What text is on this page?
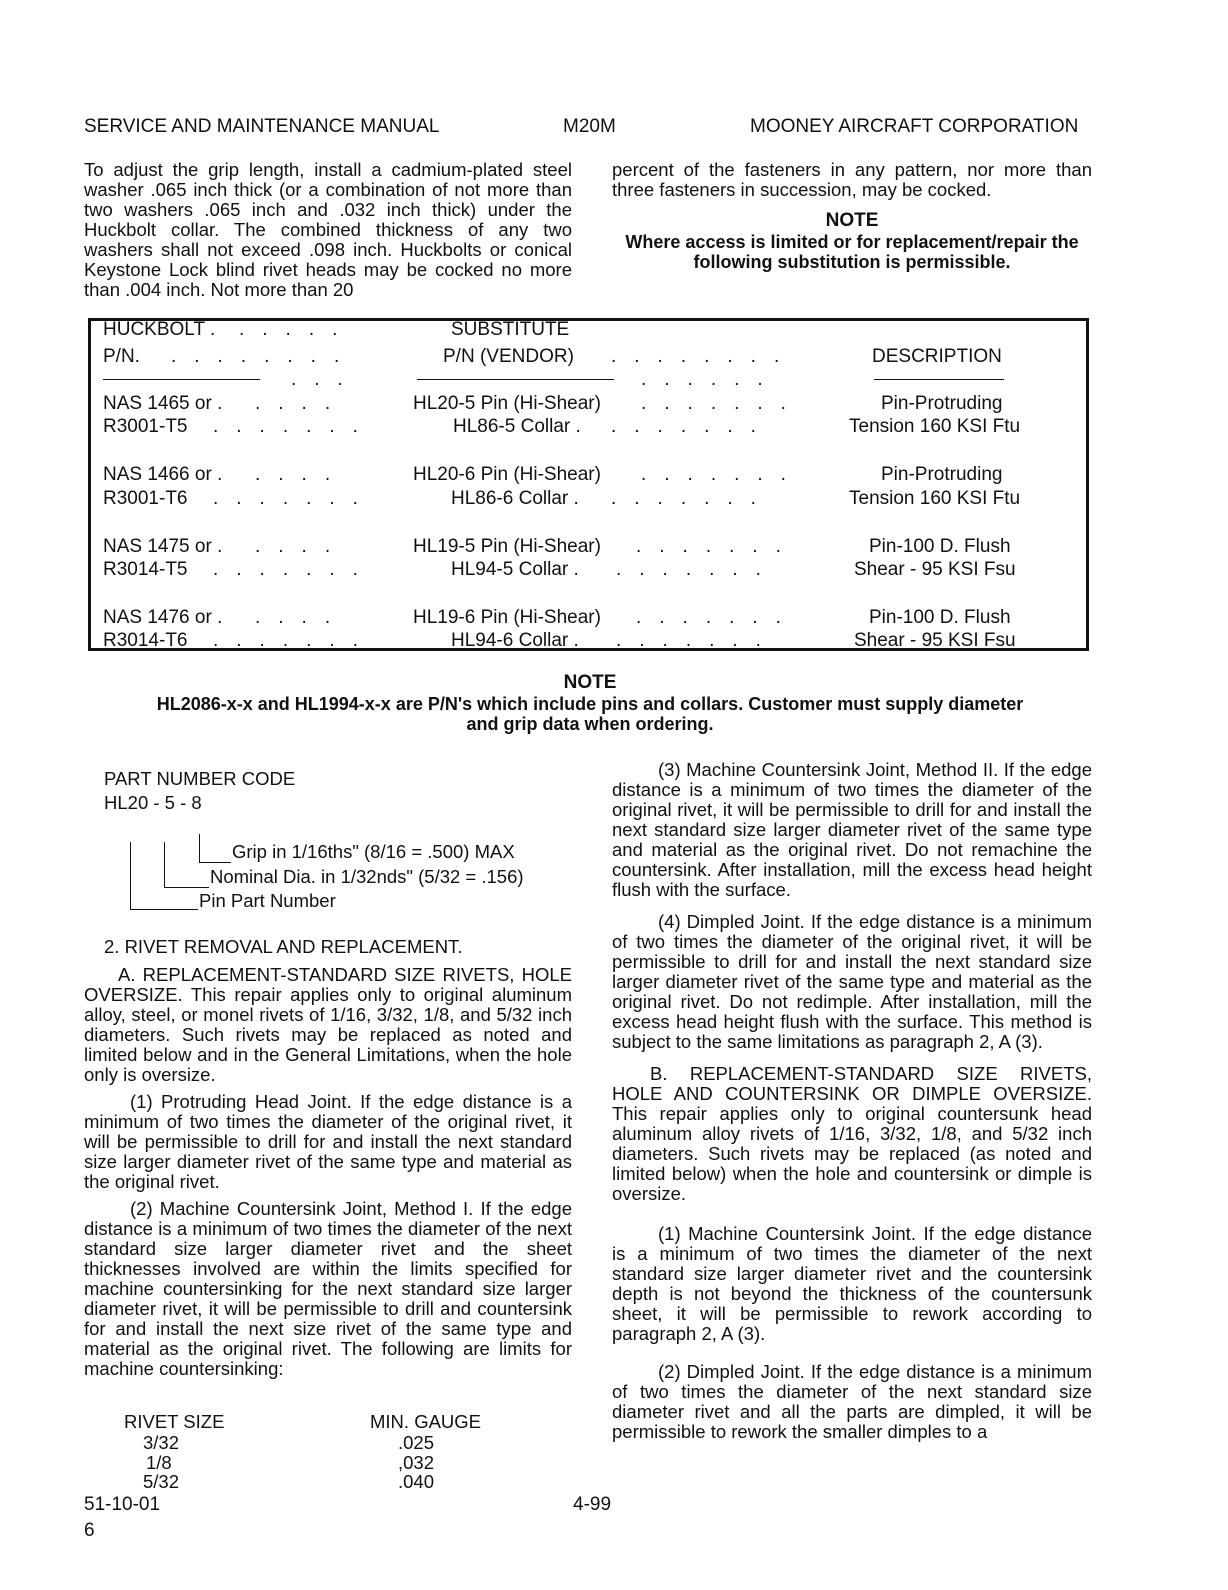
SERVICE AND MAINTENANCE MANUAL	M20M	MOONEY AIRCRAFT CORPORATION
To adjust the grip length, install a cadmium-plated steel washer .065 inch thick (or a combination of not more than two washers .065 inch and .032 inch thick) under the Huckbolt collar. The combined thickness of any two washers shall not exceed .098 inch. Huckbolts or conical Keystone Lock blind rivet heads may be cocked no more than .004 inch. Not more than 20
percent of the fasteners in any pattern, nor more than three fasteners in succession, may be cocked.
NOTE
Where access is limited or for replacement/repair the following substitution is permissible.
HUCKBOLT . .....	SUBSTITUTE
P/N. ........	P/N (VENDOR) ........	DESCRIPTION
...	......
NAS 1465 or . ....	HL20-5 Pin (Hi-Shear) .......	Pin-Protruding
R3001-T5 .......	HL86-5 Collar . .......	Tension 160 KSI Ftu
NAS 1466 or . ....	HL20-6 Pin (Hi-Shear) .......	Pin-Protruding
R3001-T6 .......	HL86-6 Collar . .......	Tension 160 KSI Ftu
NAS 1475 or . ....	HL19-5 Pin (Hi-Shear) .......	Pin-100 D. Flush
R3014-T5 .......	HL94-5 Collar . .......	Shear - 95 KSI Fsu
NAS 1476 or . ....	HL19-6 Pin (Hi-Shear) .......	Pin-100 D. Flush
R3014-T6 .......	HL94-6 Collar . .......	Shear - 95 KSI Fsu
NOTE
HL2086-x-x and HL1994-x-x are P/N's which include pins and collars. Customer must supply diameter and grip data when ordering.
PART NUMBER CODE
HL20 - 5 - 8
Grip in 1/16ths" (8/16 = .500) MAX
Nominal Dia. in 1/32nds" (5/32 = .156)
Pin Part Number

2. RIVET REMOVAL AND REPLACEMENT.

A. REPLACEMENT-STANDARD SIZE RIVETS, HOLE OVERSIZE. This repair applies only to original aluminum alloy, steel, or monel rivets of 1/16, 3/32, 1/8, and 5/32 inch diameters. Such rivets may be replaced as noted and limited below and in the General Limitations, when the hole only is oversize.

(1) Protruding Head Joint. If the edge distance is a minimum of two times the diameter of the original rivet, it will be permissible to drill for and install the next standard size larger diameter rivet of the same type and material as the original rivet.

(2) Machine Countersink Joint, Method I. If the edge distance is a minimum of two times the diameter of the next standard size larger diameter rivet and the sheet thicknesses involved are within the limits specified for machine countersinking for the next standard size larger diameter rivet, it will be permissible to drill and countersink for and install the next size rivet of the same type and material as the original rivet. The following are limits for machine countersinking:

RIVET SIZE	MIN. GAUGE
3/32	.025
1/8	,032
5/32	.040

(3) Machine Countersink Joint, Method II. If the edge distance is a minimum of two times the diameter of the original rivet, it will be permissible to drill for and install the next standard size larger diameter rivet of the same type and material as the original rivet. Do not remachine the countersink. After installation, mill the excess head height flush with the surface.

(4) Dimpled Joint. If the edge distance is a minimum of two times the diameter of the original rivet, it will be permissible to drill for and install the next standard size larger diameter rivet of the same type and material as the original rivet. Do not redimple. After installation, mill the excess head height flush with the surface. This method is subject to the same limitations as paragraph 2, A (3).

B. REPLACEMENT-STANDARD SIZE RIVETS, HOLE AND COUNTERSINK OR DIMPLE OVERSIZE. This repair applies only to original countersunk head aluminum alloy rivets of 1/16, 3/32, 1/8, and 5/32 inch diameters. Such rivets may be replaced (as noted and limited below) when the hole and countersink or dimple is oversize.

(1) Machine Countersink Joint. If the edge distance is a minimum of two times the diameter of the next standard size larger diameter rivet and the countersink depth is not beyond the thickness of the countersunk sheet, it will be permissible to rework according to paragraph 2, A (3).

(2) Dimpled Joint. If the edge distance is a minimum of two times the diameter of the next standard size diameter rivet and all the parts are dimpled, it will be permissible to rework the smaller dimples to a

51-10-01
6
4-99
